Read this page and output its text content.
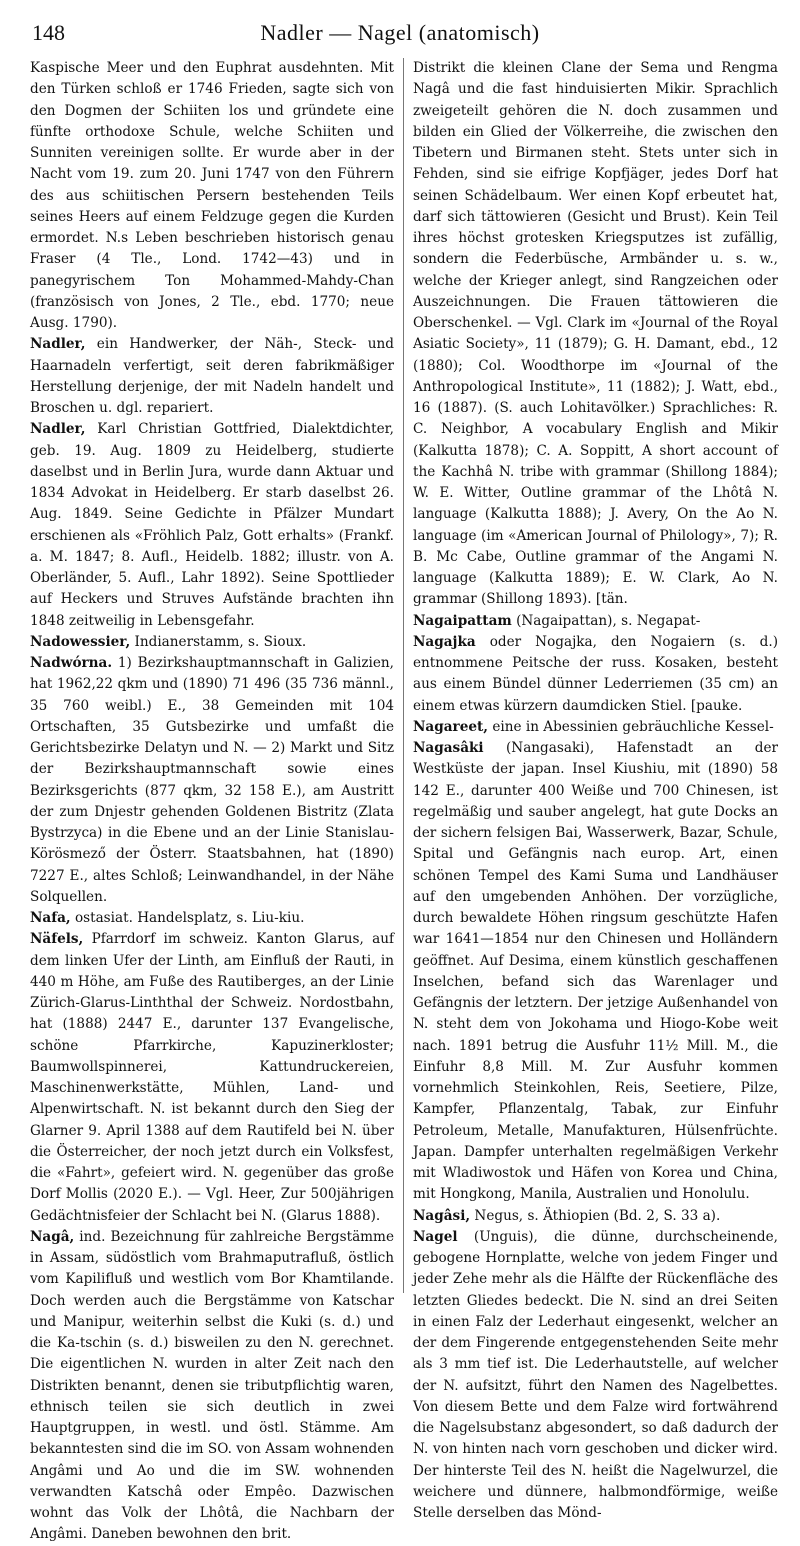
148	Nadler — Nagel (anatomisch)

Kaspische Meer und den Euphrat ausdehnten. Mit den Türken schloß er 1746 Frieden, sagte sich von den Dogmen der Schiiten los und gründete eine fünfte orthodoxe Schule, welche Schiiten und Sunniten vereinigen sollte. Er wurde aber in der Nacht vom 19. zum 20. Juni 1747 von den Führern des aus schiitischen Persern bestehenden Teils seines Heers auf einem Feldzuge gegen die Kurden ermordet. N.s Leben beschrieben historisch genau Fraser (4 Tle., Lond. 1742—43) und in panegyrischem Ton Mohammed-Mahdy-Chan (französisch von Jones, 2 Tle., ebd. 1770; neue Ausg. 1790).

Nadler, ein Handwerker, der Näh-, Steck- und Haarnadeln verfertigt, seit deren fabrikmäßiger Herstellung derjenige, der mit Nadeln handelt und Broschen u. dgl. repariert.

Nadler, Karl Christian Gottfried, Dialektdichter, geb. 19. Aug. 1809 zu Heidelberg, studierte daselbst und in Berlin Jura, wurde dann Aktuar und 1834 Advokat in Heidelberg. Er starb daselbst 26. Aug. 1849. Seine Gedichte in Pfälzer Mundart erschienen als «Fröhlich Palz, Gott erhalts» (Frankf. a. M. 1847; 8. Aufl., Heidelb. 1882; illustr. von A. Oberländer, 5. Aufl., Lahr 1892). Seine Spottlieder auf Heckers und Struves Aufstände brachten ihn 1848 zeitweilig in Lebensgefahr.

Nadowessier, Indianerstamm, s. Sioux.

Nadwórna. 1) Bezirkshauptmannschaft in Galizien, hat 1962,22 qkm und (1890) 71 496 (35 736 männl., 35 760 weibl.) E., 38 Gemeinden mit 104 Ortschaften, 35 Gutsbezirke und umfaßt die Gerichtsbezirke Delatyn und N. — 2) Markt und Sitz der Bezirkshauptmannschaft sowie eines Bezirksgerichts (877 qkm, 32 158 E.), am Austritt der zum Dnjestr gehenden Goldenen Bistritz (Zlata Bystrzyca) in die Ebene und an der Linie Stanislau-Körösmező der Österr. Staatsbahnen, hat (1890) 7227 E., altes Schloß; Leinwandhandel, in der Nähe Solquellen.

Nafa, ostasiat. Handelsplatz, s. Liu-kiu.

Näfels, Pfarrdorf im schweiz. Kanton Glarus, auf dem linken Ufer der Linth, am Einfluß der Rauti, in 440 m Höhe, am Fuße des Rautiberges, an der Linie Zürich-Glarus-Linththal der Schweiz. Nordostbahn, hat (1888) 2447 E., darunter 137 Evangelische, schöne Pfarrkirche, Kapuzinerkloster; Baumwollspinnerei, Kattundruckereien, Maschinenwerkstätte, Mühlen, Land- und Alpenwirtschaft. N. ist bekannt durch den Sieg der Glarner 9. April 1388 auf dem Rautifeld bei N. über die Österreicher, der noch jetzt durch ein Volksfest, die «Fahrt», gefeiert wird. N. gegenüber das große Dorf Mollis (2020 E.). — Vgl. Heer, Zur 500jährigen Gedächtnisfeier der Schlacht bei N. (Glarus 1888).

Nagâ, ind. Bezeichnung für zahlreiche Bergstämme in Assam, südöstlich vom Brahmaputrafluß, östlich vom Kapilifluß und westlich vom Bor Khamtilande. Doch werden auch die Bergstämme von Katschar und Manipur, weiterhin selbst die Kuki (s. d.) und die Ka-tschin (s. d.) bisweilen zu den N. gerechnet. Die eigentlichen N. wurden in alter Zeit nach den Distrikten benannt, denen sie tributpflichtig waren, ethnisch teilen sie sich deutlich in zwei Hauptgruppen, in westl. und östl. Stämme. Am bekanntesten sind die im SO. von Assam wohnenden Angâmi und Ao und die im SW. wohnenden verwandten Katschâ oder Empêo. Dazwischen wohnt das Volk der Lhôtâ, die Nachbarn der Angâmi. Daneben bewohnen den brit.

Distrikt die kleinen Clane der Sema und Rengma Nagâ und die fast hinduisierten Mikir. Sprachlich zweigeteilt gehören die N. doch zusammen und bilden ein Glied der Völkerreihe, die zwischen den Tibetern und Birmanen steht. Stets unter sich in Fehden, sind sie eifrige Kopfjäger, jedes Dorf hat seinen Schädelbaum. Wer einen Kopf erbeutet hat, darf sich tättowieren (Gesicht und Brust). Kein Teil ihres höchst grotesken Kriegsputzes ist zufällig, sondern die Federbüsche, Armbänder u. s. w., welche der Krieger anlegt, sind Rangzeichen oder Auszeichnungen. Die Frauen tättowieren die Oberschenkel. — Vgl. Clark im «Journal of the Royal Asiatic Society», 11 (1879); G. H. Damant, ebd., 12 (1880); Col. Woodthorpe im «Journal of the Anthropological Institute», 11 (1882); J. Watt, ebd., 16 (1887). (S. auch Lohitavölker.) Sprachliches: R. C. Neighbor, A vocabulary English and Mikir (Kalkutta 1878); C. A. Soppitt, A short account of the Kachhâ N. tribe with grammar (Shillong 1884); W. E. Witter, Outline grammar of the Lhôtâ N. language (Kalkutta 1888); J. Avery, On the Ao N. language (im «American Journal of Philology», 7); R. B. Mc Cabe, Outline grammar of the Angami N. language (Kalkutta 1889); E. W. Clark, Ao N. grammar (Shillong 1893). [tän.

Nagaipattam (Nagaipattan), s. Negapat-

Nagajka oder Nogajka, den Nogaiern (s. d.) entnommene Peitsche der russ. Kosaken, besteht aus einem Bündel dünner Lederriemen (35 cm) an einem etwas kürzern daumdicken Stiel. [pauke.

Nagareet, eine in Abessinien gebräuchliche Kessel-

Nagasâki (Nangasaki), Hafenstadt an der Westküste der japan. Insel Kiushiu, mit (1890) 58 142 E., darunter 400 Weiße und 700 Chinesen, ist regelmäßig und sauber angelegt, hat gute Docks an der sichern felsigen Bai, Wasserwerk, Bazar, Schule, Spital und Gefängnis nach europ. Art, einen schönen Tempel des Kami Suma und Landhäuser auf den umgebenden Anhöhen. Der vorzügliche, durch bewaldete Höhen ringsum geschützte Hafen war 1641—1854 nur den Chinesen und Holländern geöffnet. Auf Desima, einem künstlich geschaffenen Inselchen, befand sich das Warenlager und Gefängnis der letztern. Der jetzige Außenhandel von N. steht dem von Jokohama und Hiogo-Kobe weit nach. 1891 betrug die Ausfuhr 11½ Mill. M., die Einfuhr 8,8 Mill. M. Zur Ausfuhr kommen vornehmlich Steinkohlen, Reis, Seetiere, Pilze, Kampfer, Pflanzentalg, Tabak, zur Einfuhr Petroleum, Metalle, Manufakturen, Hülsenfrüchte. Japan. Dampfer unterhalten regelmäßigen Verkehr mit Wladiwostok und Häfen von Korea und China, mit Hongkong, Manila, Australien und Honolulu.

Nagâsi, Negus, s. Äthiopien (Bd. 2, S. 33 a).

Nagel (Unguis), die dünne, durchscheinende, gebogene Hornplatte, welche von jedem Finger und jeder Zehe mehr als die Hälfte der Rückenfläche des letzten Gliedes bedeckt. Die N. sind an drei Seiten in einen Falz der Lederhaut eingesenkt, welcher an der dem Fingerende entgegenstehenden Seite mehr als 3 mm tief ist. Die Lederhautstelle, auf welcher der N. aufsitzt, führt den Namen des Nagelbettes. Von diesem Bette und dem Falze wird fortwährend die Nagelsubstanz abgesondert, so daß dadurch der N. von hinten nach vorn geschoben und dicker wird. Der hinterste Teil des N. heißt die Nagelwurzel, die weichere und dünnere, halbmondförmige, weiße Stelle derselben das Mönd-
